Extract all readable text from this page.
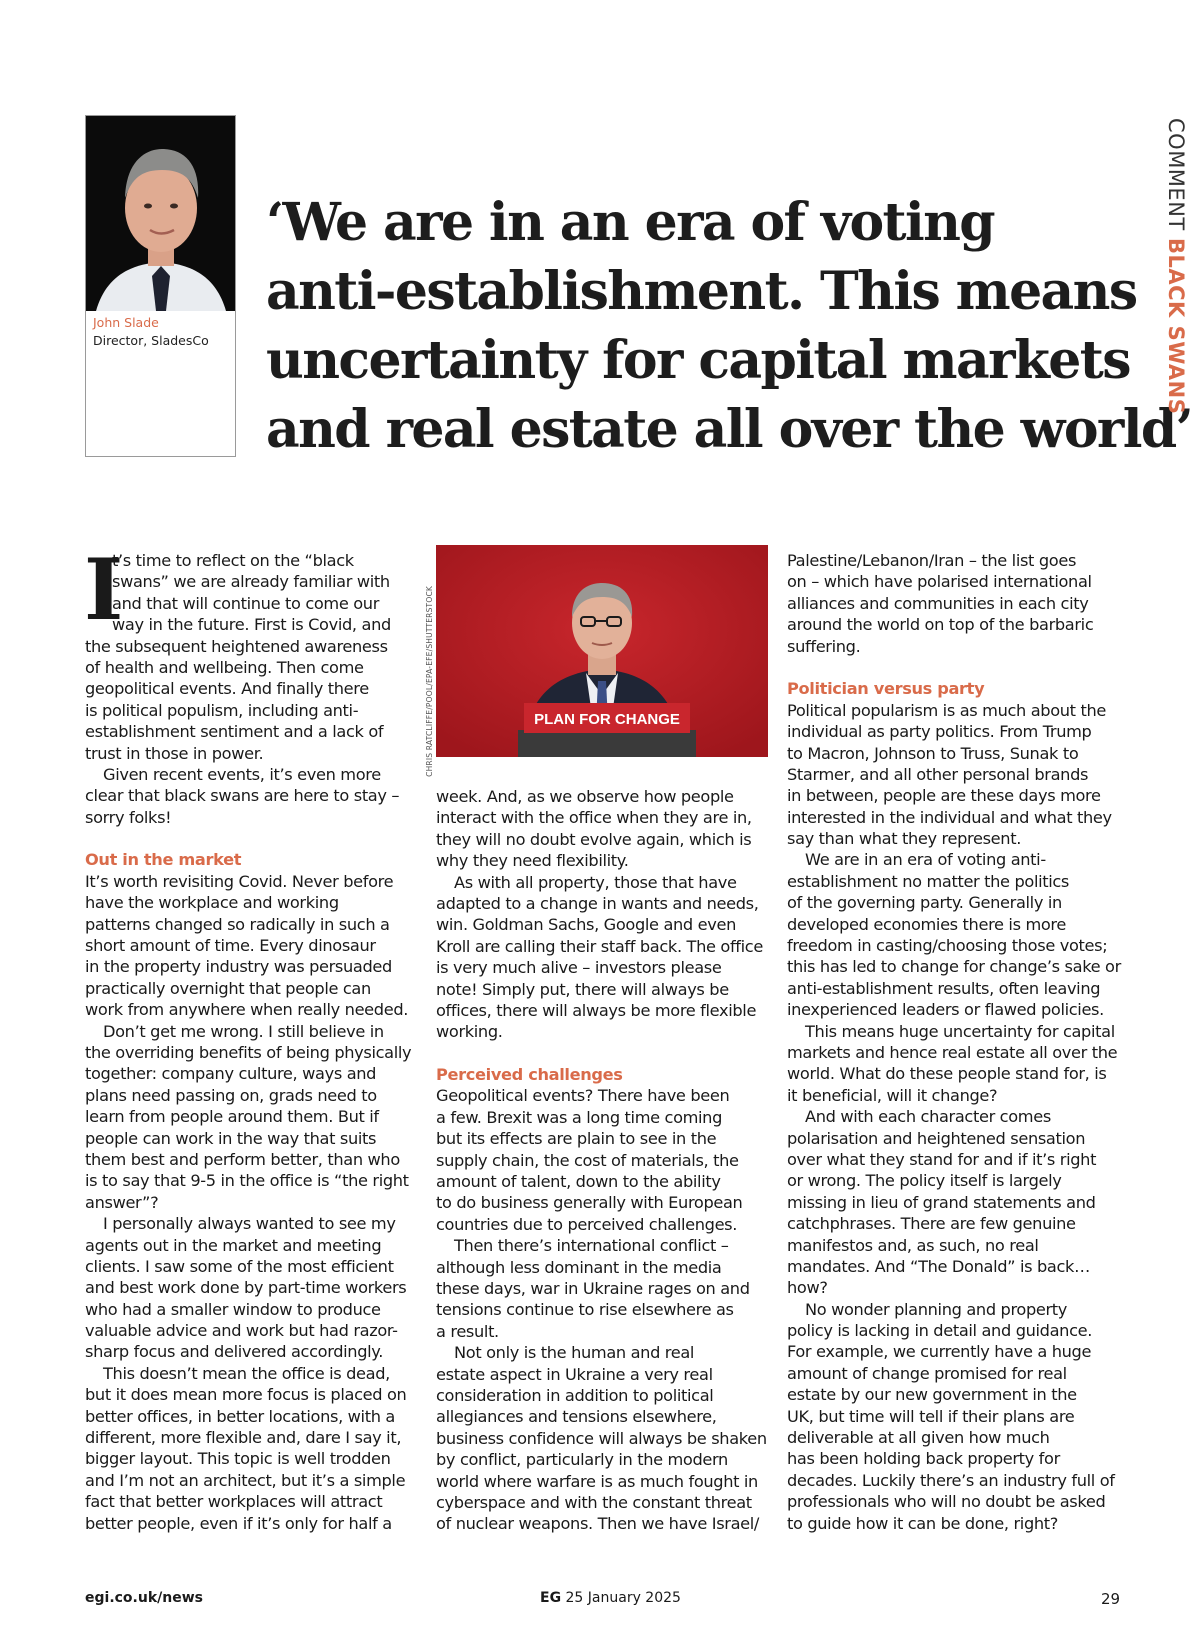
John Slade
Director, SladesCo
‘We are in an era of voting
anti-establishment. This means
uncertainty for capital markets
and real estate all over the world’
COMMENT BLACK SWANS
I
t’s time to reflect on the “black
swans” we are already familiar with
and that will continue to come our
way in the future. First is Covid, and
the subsequent heightened awareness
of health and wellbeing. Then come
geopolitical events. And finally there
is political populism, including anti-
establishment sentiment and a lack of
trust in those in power.
Given recent events, it’s even more
clear that black swans are here to stay –
sorry folks!
Out in the market
It’s worth revisiting Covid. Never before
have the workplace and working
patterns changed so radically in such a
short amount of time. Every dinosaur
in the property industry was persuaded
practically overnight that people can
work from anywhere when really needed.
Don’t get me wrong. I still believe in
the overriding benefits of being physically
together: company culture, ways and
plans need passing on, grads need to
learn from people around them. But if
people can work in the way that suits
them best and perform better, than who
is to say that 9-5 in the office is “the right
answer”?
I personally always wanted to see my
agents out in the market and meeting
clients. I saw some of the most efficient
and best work done by part-time workers
who had a smaller window to produce
valuable advice and work but had razor-
sharp focus and delivered accordingly.
This doesn’t mean the office is dead,
but it does mean more focus is placed on
better offices, in better locations, with a
different, more flexible and, dare I say it,
bigger layout. This topic is well trodden
and I’m not an architect, but it’s a simple
fact that better workplaces will attract
better people, even if it’s only for half a
PLAN FOR CHANGE
CHRIS RATCLIFFE/POOL/EPA-EFE/SHUTTERSTOCK
week. And, as we observe how people
interact with the office when they are in,
they will no doubt evolve again, which is
why they need flexibility.
As with all property, those that have
adapted to a change in wants and needs,
win. Goldman Sachs, Google and even
Kroll are calling their staff back. The office
is very much alive – investors please
note! Simply put, there will always be
offices, there will always be more flexible
working.
Perceived challenges
Geopolitical events? There have been
a few. Brexit was a long time coming
but its effects are plain to see in the
supply chain, the cost of materials, the
amount of talent, down to the ability
to do business generally with European
countries due to perceived challenges.
Then there’s international conflict –
although less dominant in the media
these days, war in Ukraine rages on and
tensions continue to rise elsewhere as
a result.
Not only is the human and real
estate aspect in Ukraine a very real
consideration in addition to political
allegiances and tensions elsewhere,
business confidence will always be shaken
by conflict, particularly in the modern
world where warfare is as much fought in
cyberspace and with the constant threat
of nuclear weapons. Then we have Israel/
Palestine/Lebanon/Iran – the list goes
on – which have polarised international
alliances and communities in each city
around the world on top of the barbaric
suffering.
Politician versus party
Political popularism is as much about the
individual as party politics. From Trump
to Macron, Johnson to Truss, Sunak to
Starmer, and all other personal brands
in between, people are these days more
interested in the individual and what they
say than what they represent.
We are in an era of voting anti-
establishment no matter the politics
of the governing party. Generally in
developed economies there is more
freedom in casting/choosing those votes;
this has led to change for change’s sake or
anti-establishment results, often leaving
inexperienced leaders or flawed policies.
This means huge uncertainty for capital
markets and hence real estate all over the
world. What do these people stand for, is
it beneficial, will it change?
And with each character comes
polarisation and heightened sensation
over what they stand for and if it’s right
or wrong. The policy itself is largely
missing in lieu of grand statements and
catchphrases. There are few genuine
manifestos and, as such, no real
mandates. And “The Donald” is back…
how?
No wonder planning and property
policy is lacking in detail and guidance.
For example, we currently have a huge
amount of change promised for real
estate by our new government in the
UK, but time will tell if their plans are
deliverable at all given how much
has been holding back property for
decades. Luckily there’s an industry full of
professionals who will no doubt be asked
to guide how it can be done, right?
egi.co.uk/news	EG 25 January 2025	29
